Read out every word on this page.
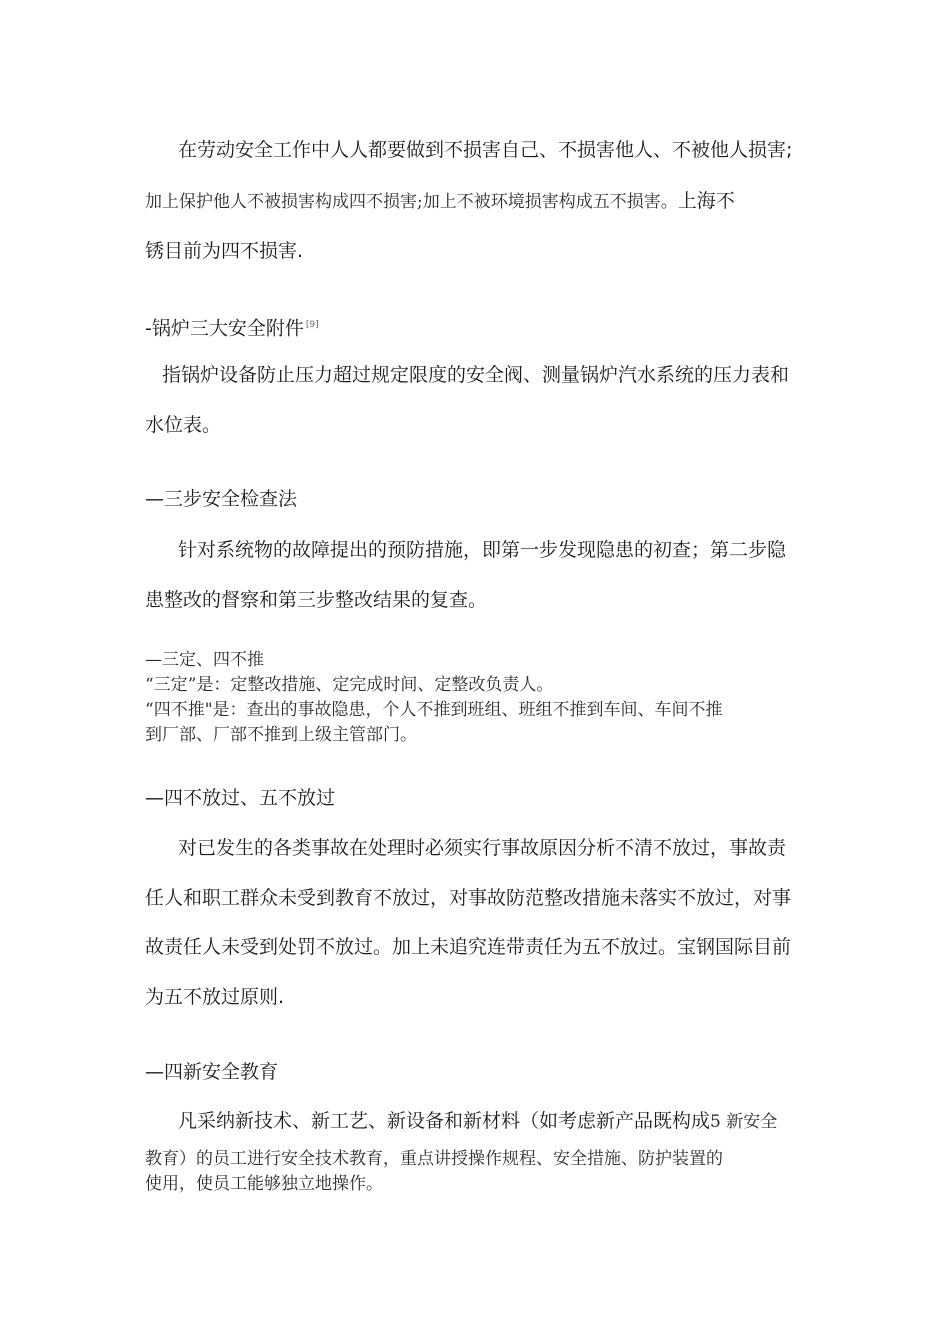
在劳动安全工作中人人都要做到不损害自己、不损害他人、不被他人损害;
加上保护他人不被损害构成四不损害;加上不被环境损害构成五不损害。上海不
锈目前为四不损害.
-锅炉三大安全附件 [9]
指锅炉设备防止压力超过规定限度的安全阀、测量锅炉汽水系统的压力表和
水位表。
—三步安全检查法
针对系统物的故障提出的预防措施，即第一步发现隐患的初查；第二步隐
患整改的督察和第三步整改结果的复查。
—三定、四不推
“三定”是：定整改措施、定完成时间、定整改负责人。
“四不推"是：查出的事故隐患，个人不推到班组、班组不推到车间、车间不推
到厂部、厂部不推到上级主管部门。
—四不放过、五不放过
对已发生的各类事故在处理时必须实行事故原因分析不清不放过，事故责
任人和职工群众未受到教育不放过，对事故防范整改措施未落实不放过，对事
故责任人未受到处罚不放过。加上未追究连带责任为五不放过。宝钢国际目前
为五不放过原则.
—四新安全教育
凡采纳新技术、新工艺、新设备和新材料（如考虑新产品既构成5 新安全
教育）的员工进行安全技术教育，重点讲授操作规程、安全措施、防护装置的
使用，使员工能够独立地操作。
